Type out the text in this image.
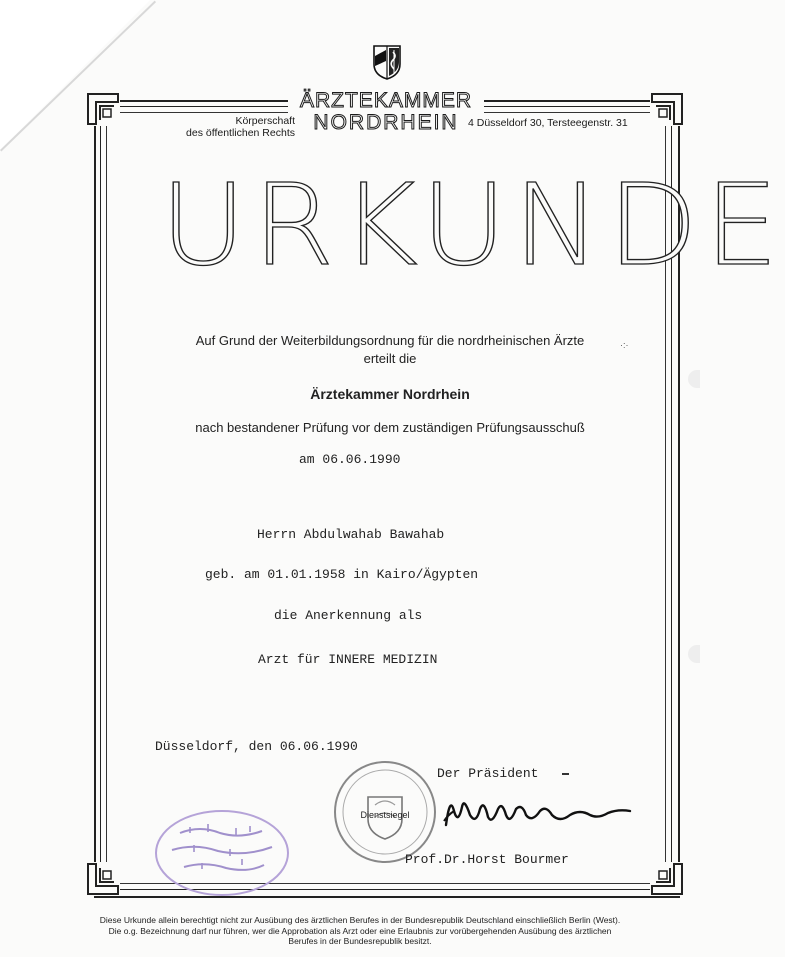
ÄRZTEKAMMER
NORDRHEIN
Körperschaft
des öffentlichen Rechts
4 Düsseldorf 30, Tersteegenstr. 31
URKUNDE
Auf Grund der Weiterbildungsordnung für die nordrheinischen Ärzte
erteilt die
Ärztekammer Nordrhein
nach bestandener Prüfung vor dem zuständigen Prüfungsausschuß
am 06.06.1990
Herrn Abdulwahab Bawahab
geb. am 01.01.1958 in Kairo/Ägypten
die Anerkennung als
Arzt für INNERE MEDIZIN
Düsseldorf, den 06.06.1990
Der Präsident
Dienstsiegel
Prof.Dr.Horst Bourmer
·:·
Diese Urkunde allein berechtigt nicht zur Ausübung des ärztlichen Berufes in der Bundesrepublik Deutschland einschließlich Berlin (West).
Die o.g. Bezeichnung darf nur führen, wer die Approbation als Arzt oder eine Erlaubnis zur vorübergehenden Ausübung des ärztlichen
Berufes in der Bundesrepublik besitzt.
